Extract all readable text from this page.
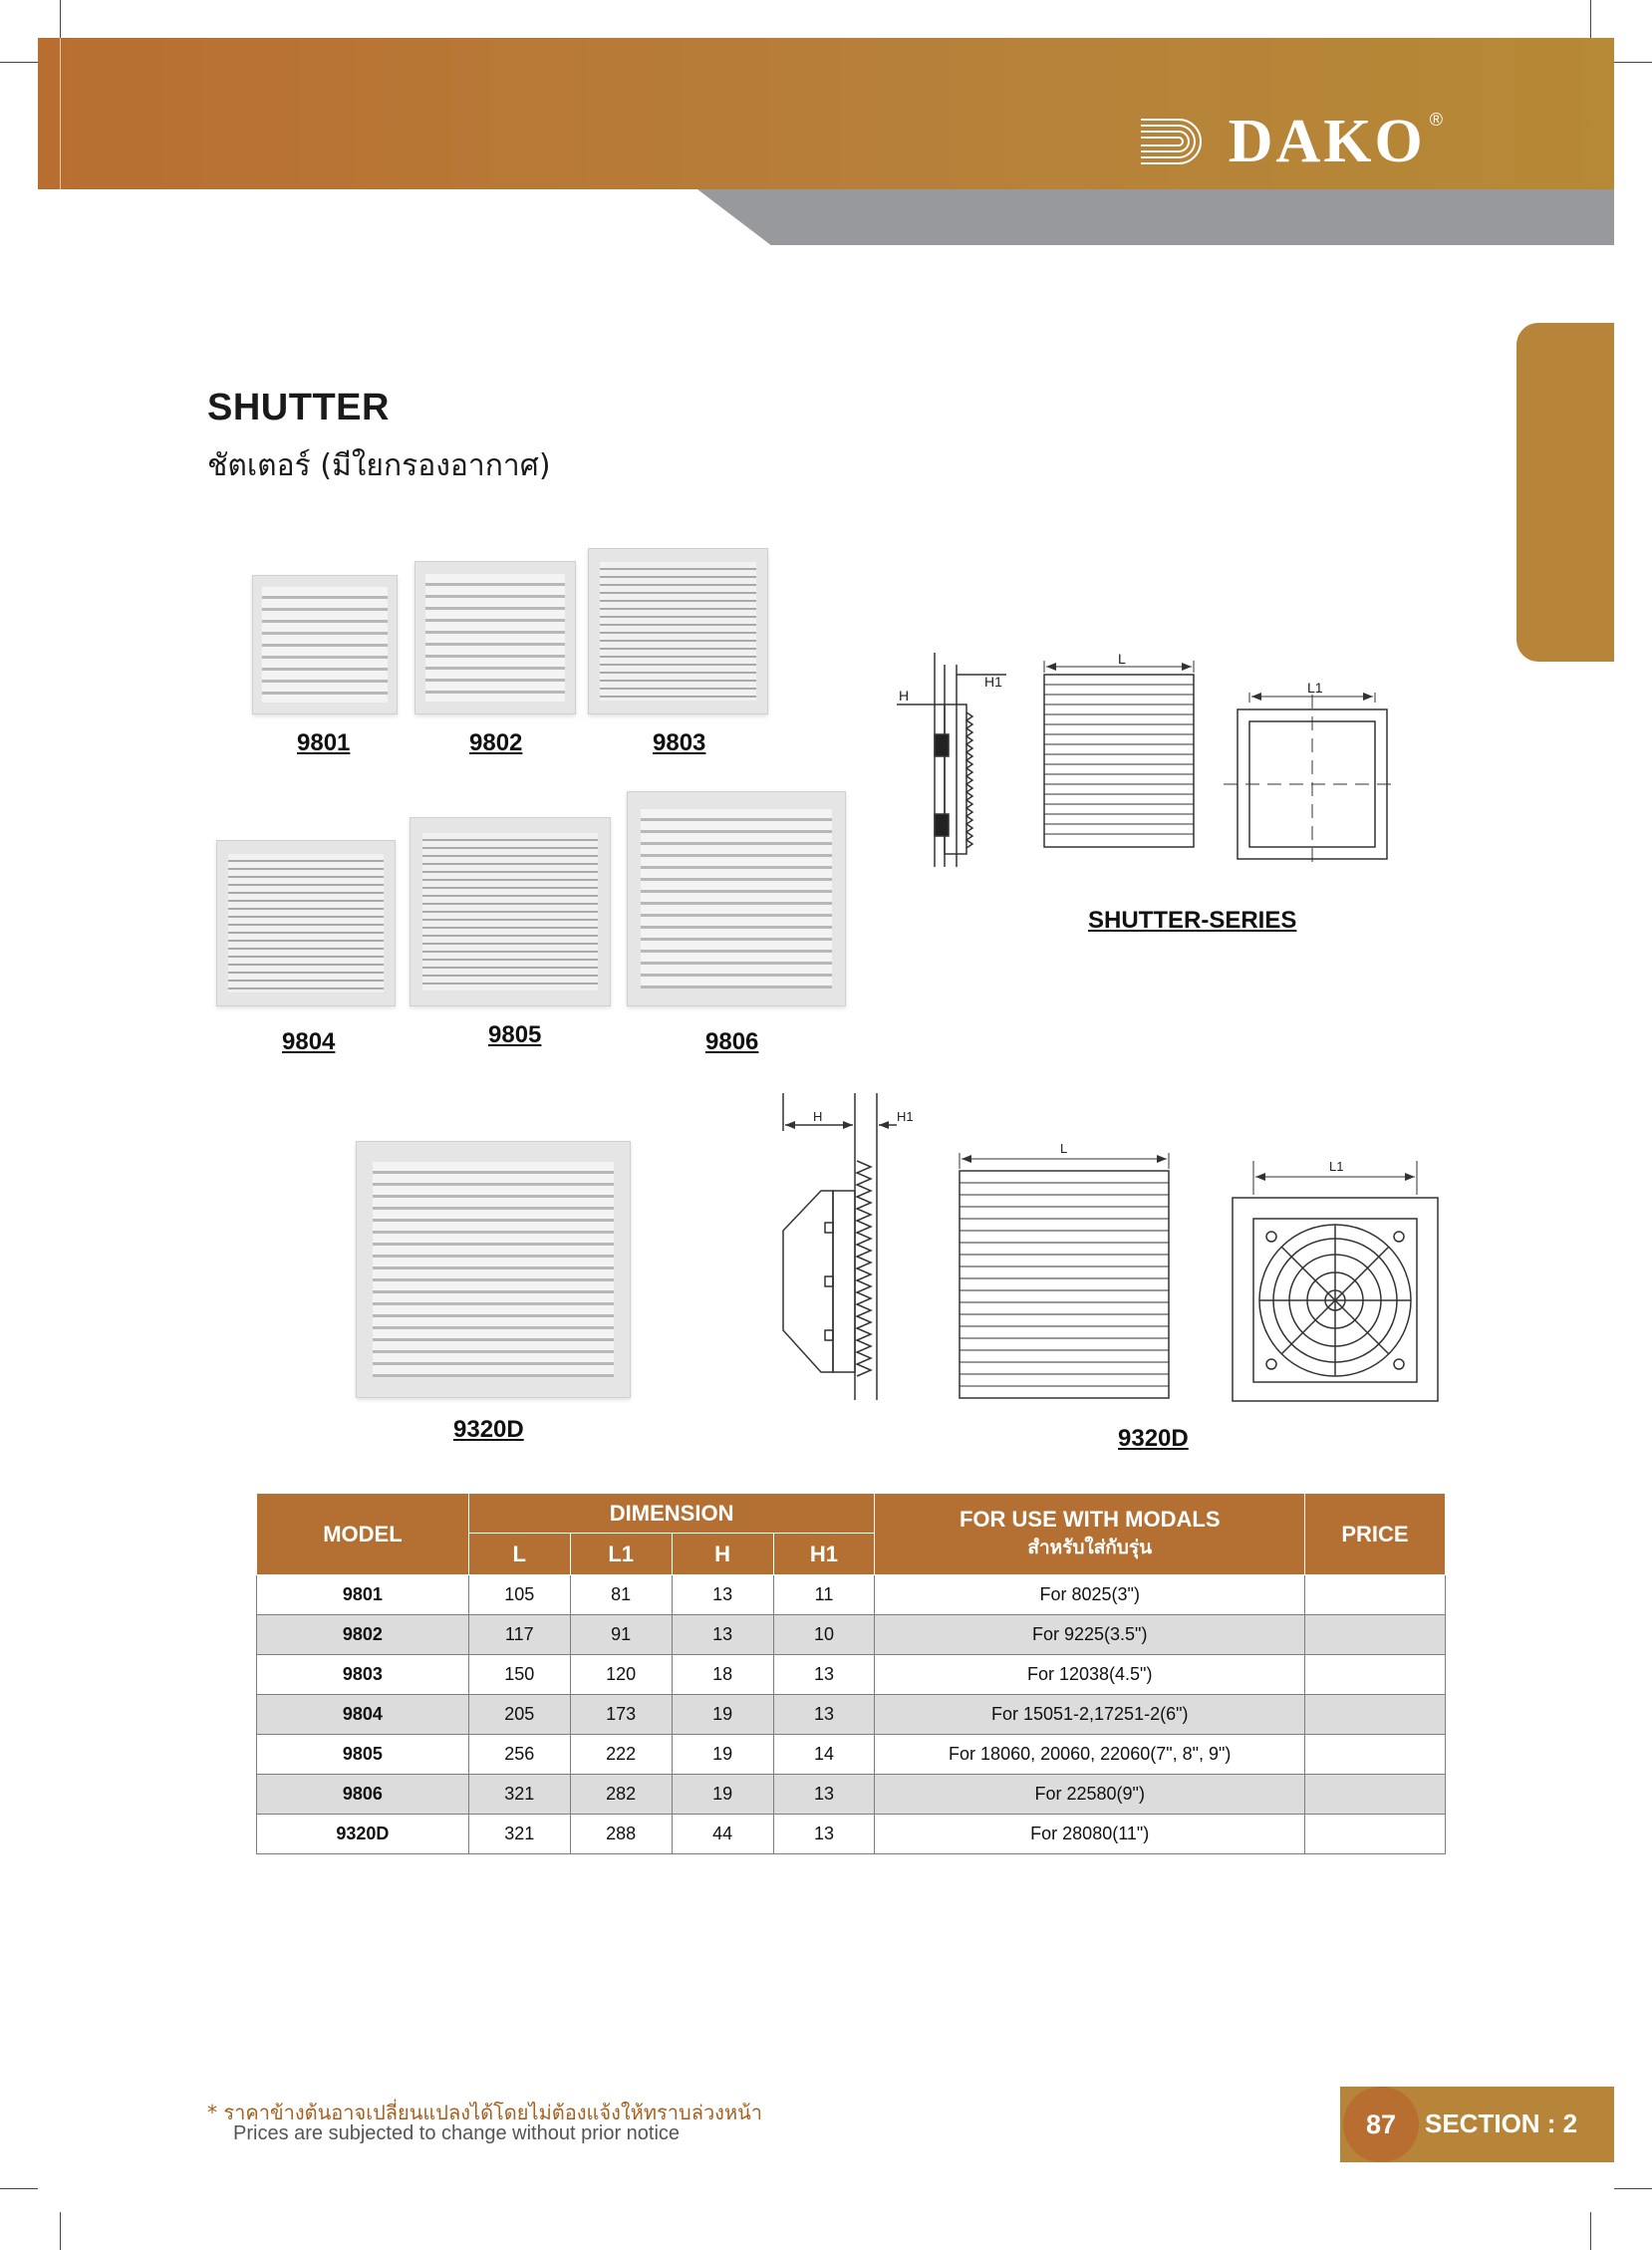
DAKO ®
SHUTTER
ชัตเตอร์ (มีใยกรองอากาศ)
9801	9802	9803
9804	9805	9806
9320D
H
H1
L
L1
SHUTTER-SERIES
H	H1
L
L1
9320D
MODEL	DIMENSION				FOR USE WITH MODALS
สำหรับใส่กับรุ่น	PRICE
	L	L1	H	H1		
9801	105	81	13	11	For 8025(3")	
9802	117	91	13	10	For 9225(3.5")	
9803	150	120	18	13	For 12038(4.5")	
9804	205	173	19	13	For 15051-2,17251-2(6")	
9805	256	222	19	14	For 18060, 20060, 22060(7", 8", 9")	
9806	321	282	19	13	For 22580(9")	
9320D	321	288	44	13	For 28080(11")	
* ราคาข้างต้นอาจเปลี่ยนแปลงได้โดยไม่ต้องแจ้งให้ทราบล่วงหน้า
Prices are subjected to change without prior notice	87	SECTION : 2
